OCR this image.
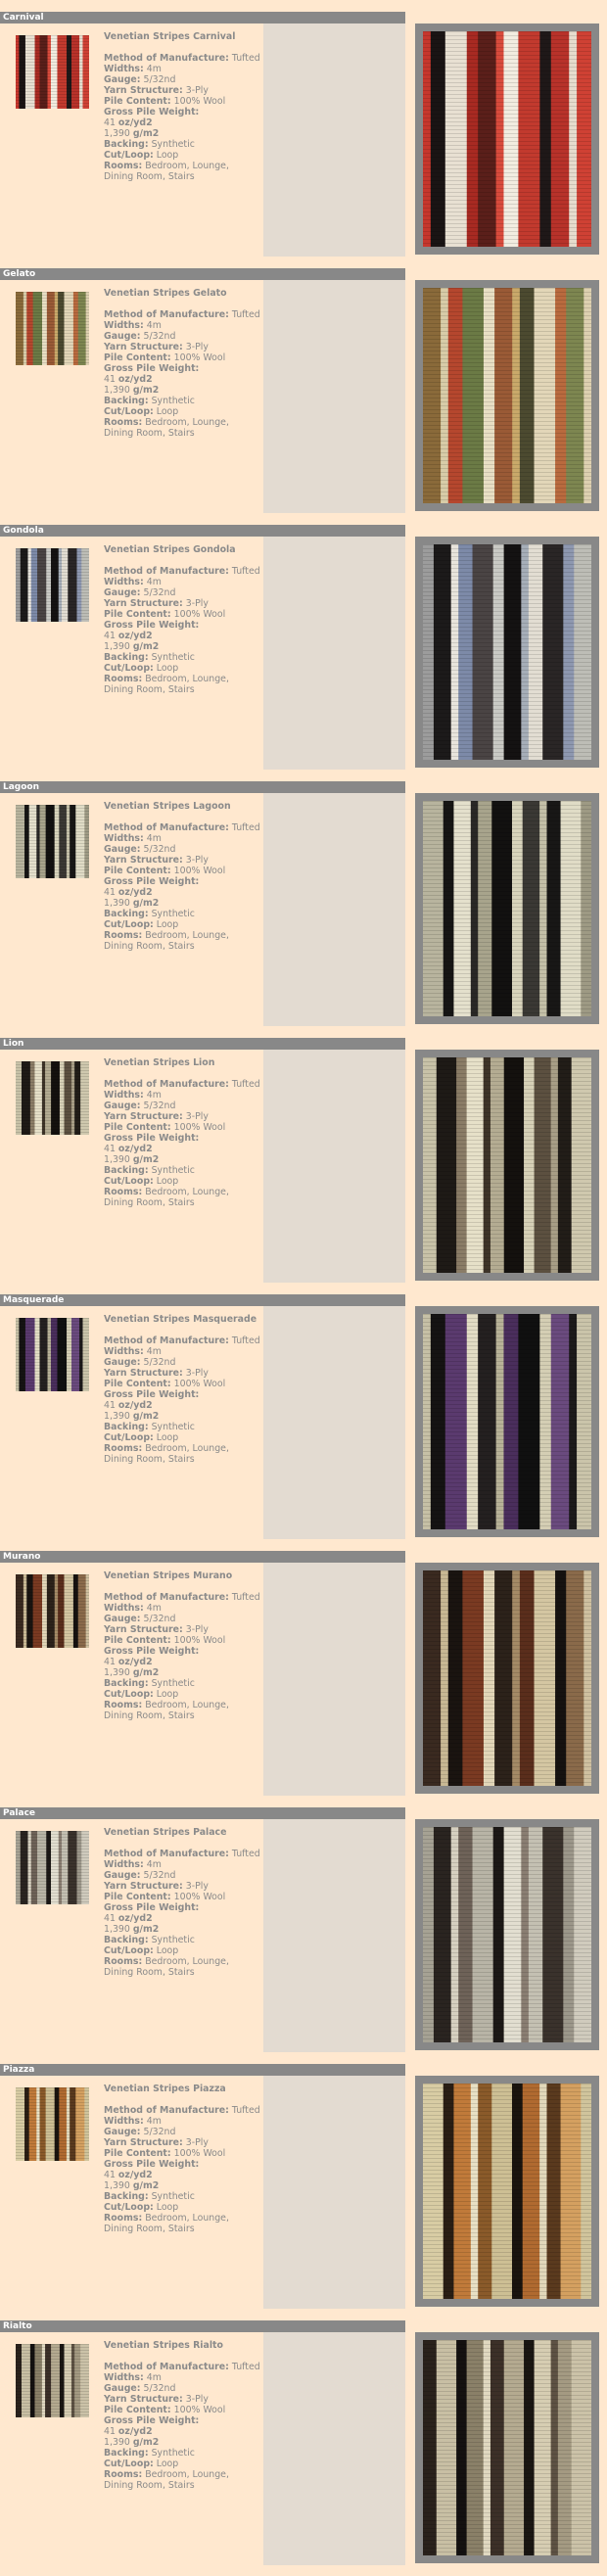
Carnival
Venetian Stripes Carnival
Method of Manufacture: Tufted
Widths: 4m
Gauge: 5/32nd
Yarn Structure: 3-Ply
Pile Content: 100% Wool
Gross Pile Weight:
41 oz/yd2
1,390 g/m2
Backing: Synthetic
Cut/Loop: Loop
Rooms: Bedroom, Lounge, Dining Room, Stairs
Gelato
Venetian Stripes Gelato
Method of Manufacture: Tufted
Widths: 4m
Gauge: 5/32nd
Yarn Structure: 3-Ply
Pile Content: 100% Wool
Gross Pile Weight:
41 oz/yd2
1,390 g/m2
Backing: Synthetic
Cut/Loop: Loop
Rooms: Bedroom, Lounge, Dining Room, Stairs
Gondola
Venetian Stripes Gondola
Method of Manufacture: Tufted
Widths: 4m
Gauge: 5/32nd
Yarn Structure: 3-Ply
Pile Content: 100% Wool
Gross Pile Weight:
41 oz/yd2
1,390 g/m2
Backing: Synthetic
Cut/Loop: Loop
Rooms: Bedroom, Lounge, Dining Room, Stairs
Lagoon
Venetian Stripes Lagoon
Method of Manufacture: Tufted
Widths: 4m
Gauge: 5/32nd
Yarn Structure: 3-Ply
Pile Content: 100% Wool
Gross Pile Weight:
41 oz/yd2
1,390 g/m2
Backing: Synthetic
Cut/Loop: Loop
Rooms: Bedroom, Lounge, Dining Room, Stairs
Lion
Venetian Stripes Lion
Method of Manufacture: Tufted
Widths: 4m
Gauge: 5/32nd
Yarn Structure: 3-Ply
Pile Content: 100% Wool
Gross Pile Weight:
41 oz/yd2
1,390 g/m2
Backing: Synthetic
Cut/Loop: Loop
Rooms: Bedroom, Lounge, Dining Room, Stairs
Masquerade
Venetian Stripes Masquerade
Method of Manufacture: Tufted
Widths: 4m
Gauge: 5/32nd
Yarn Structure: 3-Ply
Pile Content: 100% Wool
Gross Pile Weight:
41 oz/yd2
1,390 g/m2
Backing: Synthetic
Cut/Loop: Loop
Rooms: Bedroom, Lounge, Dining Room, Stairs
Murano
Venetian Stripes Murano
Method of Manufacture: Tufted
Widths: 4m
Gauge: 5/32nd
Yarn Structure: 3-Ply
Pile Content: 100% Wool
Gross Pile Weight:
41 oz/yd2
1,390 g/m2
Backing: Synthetic
Cut/Loop: Loop
Rooms: Bedroom, Lounge, Dining Room, Stairs
Palace
Venetian Stripes Palace
Method of Manufacture: Tufted
Widths: 4m
Gauge: 5/32nd
Yarn Structure: 3-Ply
Pile Content: 100% Wool
Gross Pile Weight:
41 oz/yd2
1,390 g/m2
Backing: Synthetic
Cut/Loop: Loop
Rooms: Bedroom, Lounge, Dining Room, Stairs
Piazza
Venetian Stripes Piazza
Method of Manufacture: Tufted
Widths: 4m
Gauge: 5/32nd
Yarn Structure: 3-Ply
Pile Content: 100% Wool
Gross Pile Weight:
41 oz/yd2
1,390 g/m2
Backing: Synthetic
Cut/Loop: Loop
Rooms: Bedroom, Lounge, Dining Room, Stairs
Rialto
Venetian Stripes Rialto
Method of Manufacture: Tufted
Widths: 4m
Gauge: 5/32nd
Yarn Structure: 3-Ply
Pile Content: 100% Wool
Gross Pile Weight:
41 oz/yd2
1,390 g/m2
Backing: Synthetic
Cut/Loop: Loop
Rooms: Bedroom, Lounge, Dining Room, Stairs
